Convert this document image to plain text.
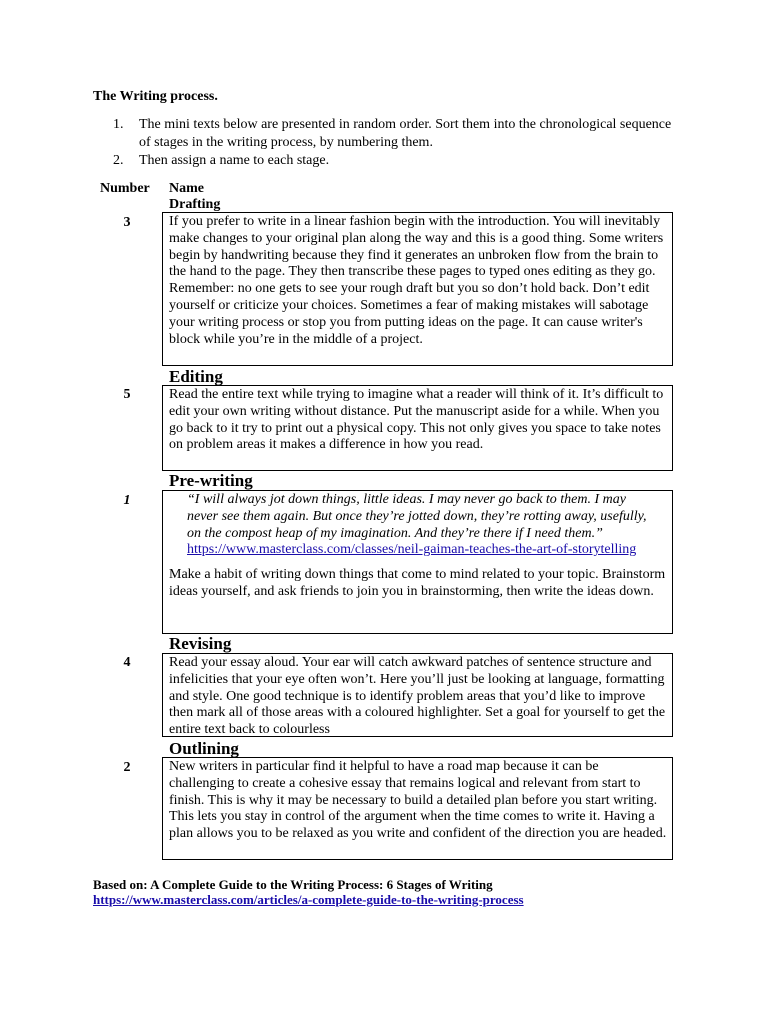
The Writing process.
1. The mini texts below are presented in random order. Sort them into the chronological sequence of stages in the writing process, by numbering them.
2. Then assign a name to each stage.
Number Name
Drafting
3	If you prefer to write in a linear fashion begin with the introduction. You will inevitably make changes to your original plan along the way and this is a good thing. Some writers begin by handwriting because they find it generates an unbroken flow from the brain to the hand to the page. They then transcribe these pages to typed ones editing as they go. Remember: no one gets to see your rough draft but you so don’t hold back. Don’t edit yourself or criticize your choices. Sometimes a fear of making mistakes will sabotage your writing process or stop you from putting ideas on the page. It can cause writer's block while you’re in the middle of a project.

Editing
5	Read the entire text while trying to imagine what a reader will think of it. It’s difficult to edit your own writing without distance. Put the manuscript aside for a while. When you go back to it try to print out a physical copy. This not only gives you space to take notes on problem areas it makes a difference in how you read.

Pre-writing
1	“I will always jot down things, little ideas. I may never go back to them. I may never see them again. But once they’re jotted down, they’re rotting away, usefully, on the compost heap of my imagination. And they’re there if I need them.” https://www.masterclass.com/classes/neil-gaiman-teaches-the-art-of-storytelling

Make a habit of writing down things that come to mind related to your topic. Brainstorm ideas yourself, and ask friends to join you in brainstorming, then write the ideas down.

Revising
4	Read your essay aloud. Your ear will catch awkward patches of sentence structure and infelicities that your eye often won’t. Here you’ll just be looking at language, formatting and style. One good technique is to identify problem areas that you’d like to improve then mark all of those areas with a coloured highlighter. Set a goal for yourself to get the entire text back to colourless

Outlining
2	New writers in particular find it helpful to have a road map because it can be challenging to create a cohesive essay that remains logical and relevant from start to finish. This is why it may be necessary to build a detailed plan before you start writing. This lets you stay in control of the argument when the time comes to write it. Having a plan allows you to be relaxed as you write and confident of the direction you are headed.

Based on: A Complete Guide to the Writing Process: 6 Stages of Writing
https://www.masterclass.com/articles/a-complete-guide-to-the-writing-process
